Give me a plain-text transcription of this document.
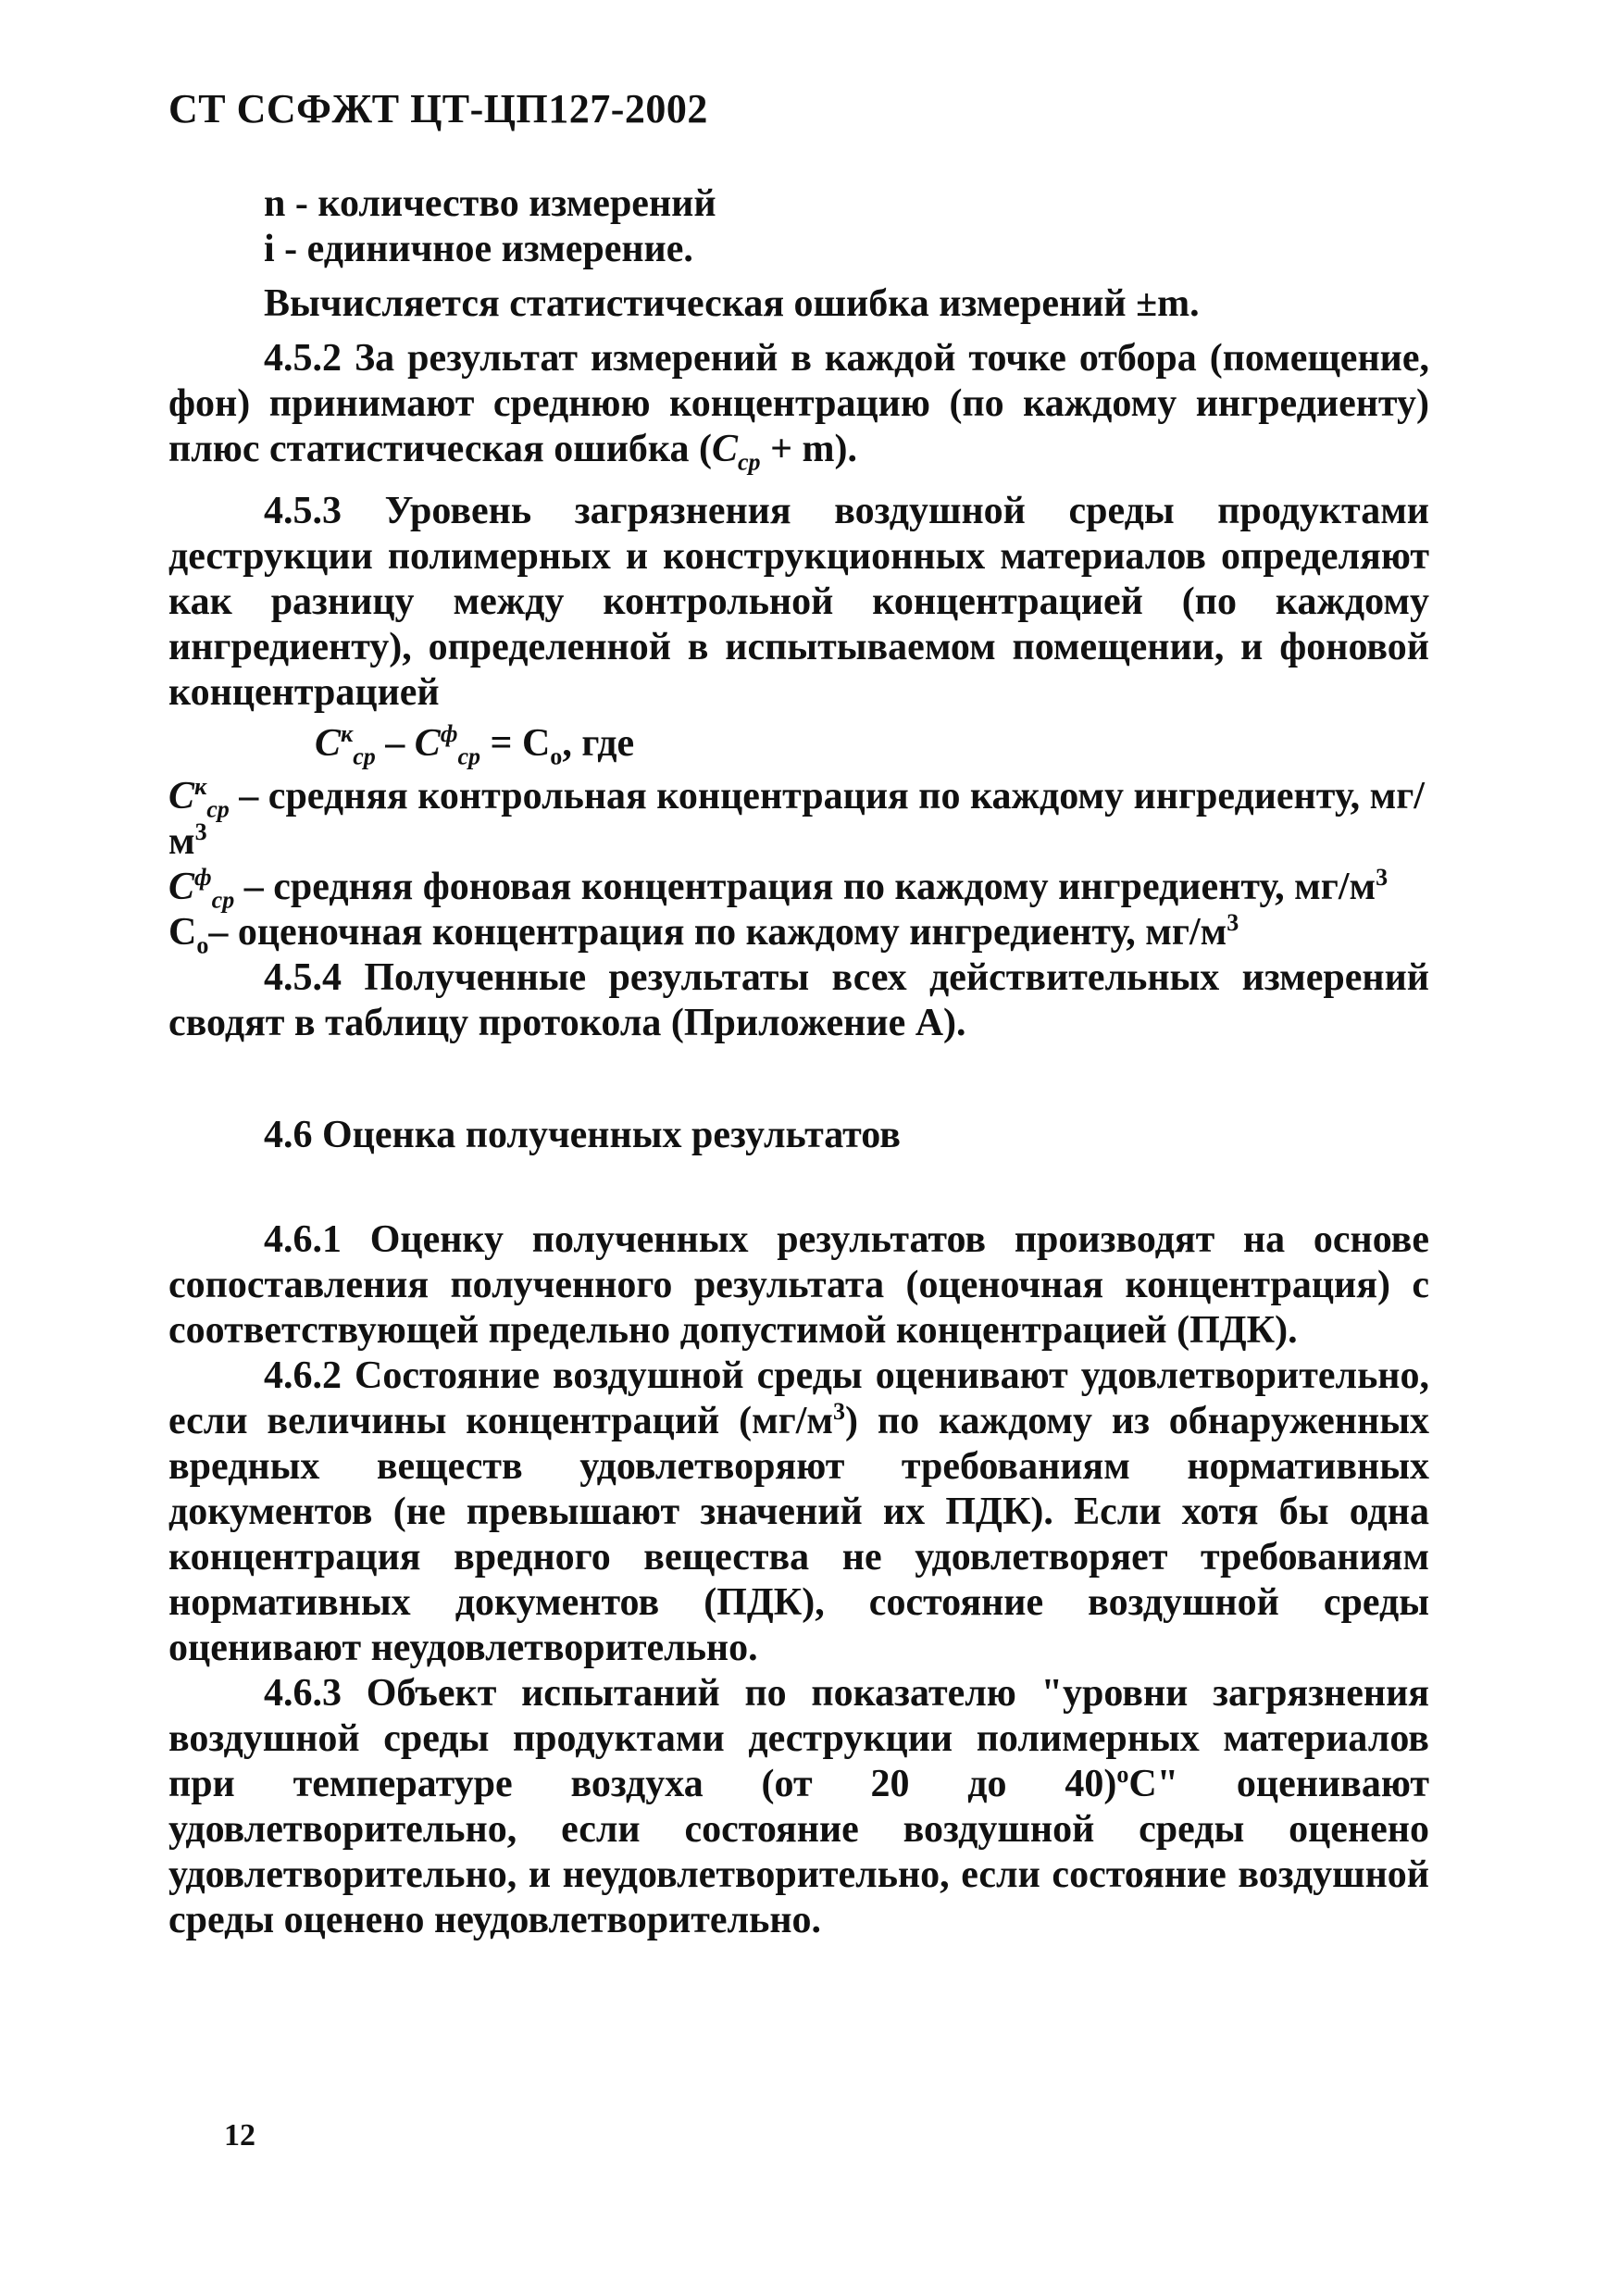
СТ ССФЖТ ЦТ-ЦП127-2002

n - количество измерений

i - единичное измерение.

Вычисляется статистическая ошибка измерений ±m.

4.5.2 За результат измерений в каждой точке отбора (помещение, фон) принимают среднюю концентрацию (по каждому ингредиенту) плюс статистическая ошибка $(С_{ср} + m)$.

4.5.3 Уровень загрязнения воздушной среды продуктами деструкции полимерных и конструкционных материалов определяют как разницу между контрольной концентрацией (по каждому ингредиенту), определенной в испытываемом помещении, и фоновой концентрацией

$С^к_{ср} - С^ф_{ср} = С_о$, где

$С^к_{ср}$ – средняя контрольная концентрация по каждому ингредиенту, $мг/м^3$

$С^ф_{ср}$ – средняя фоновая концентрация по каждому ингредиенту, $мг/м^3$

$С_о-$ оценочная концентрация по каждому ингредиенту, $мг/м^3$

4.5.4 Полученные результаты всех действительных измерений сводят в таблицу протокола (Приложение А).

4.6 Оценка полученных результатов

4.6.1 Оценку полученных результатов производят на основе сопоставления полученного результата (оценочная концентрация) с соответствующей предельно допустимой концентрацией (ПДК).

4.6.2 Состояние воздушной среды оценивают удовлетворительно, если величины концентраций $(мг/м^3)$ по каждому из обнаруженных вредных веществ удовлетворяют требованиям нормативных документов (не превышают значений их ПДК). Если хотя бы одна концентрация вредного вещества не удовлетворяет требованиям нормативных документов (ПДК), состояние воздушной среды оценивают неудовлетворительно.

4.6.3 Объект испытаний по показателю "уровни загрязнения воздушной среды продуктами деструкции полимерных материалов при температуре воздуха (от 20 до 40)$^о$С" оценивают удовлетворительно, если состояние воздушной среды оценено удовлетворительно, и неудовлетворительно, если состояние воздушной среды оценено неудовлетворительно.

12
